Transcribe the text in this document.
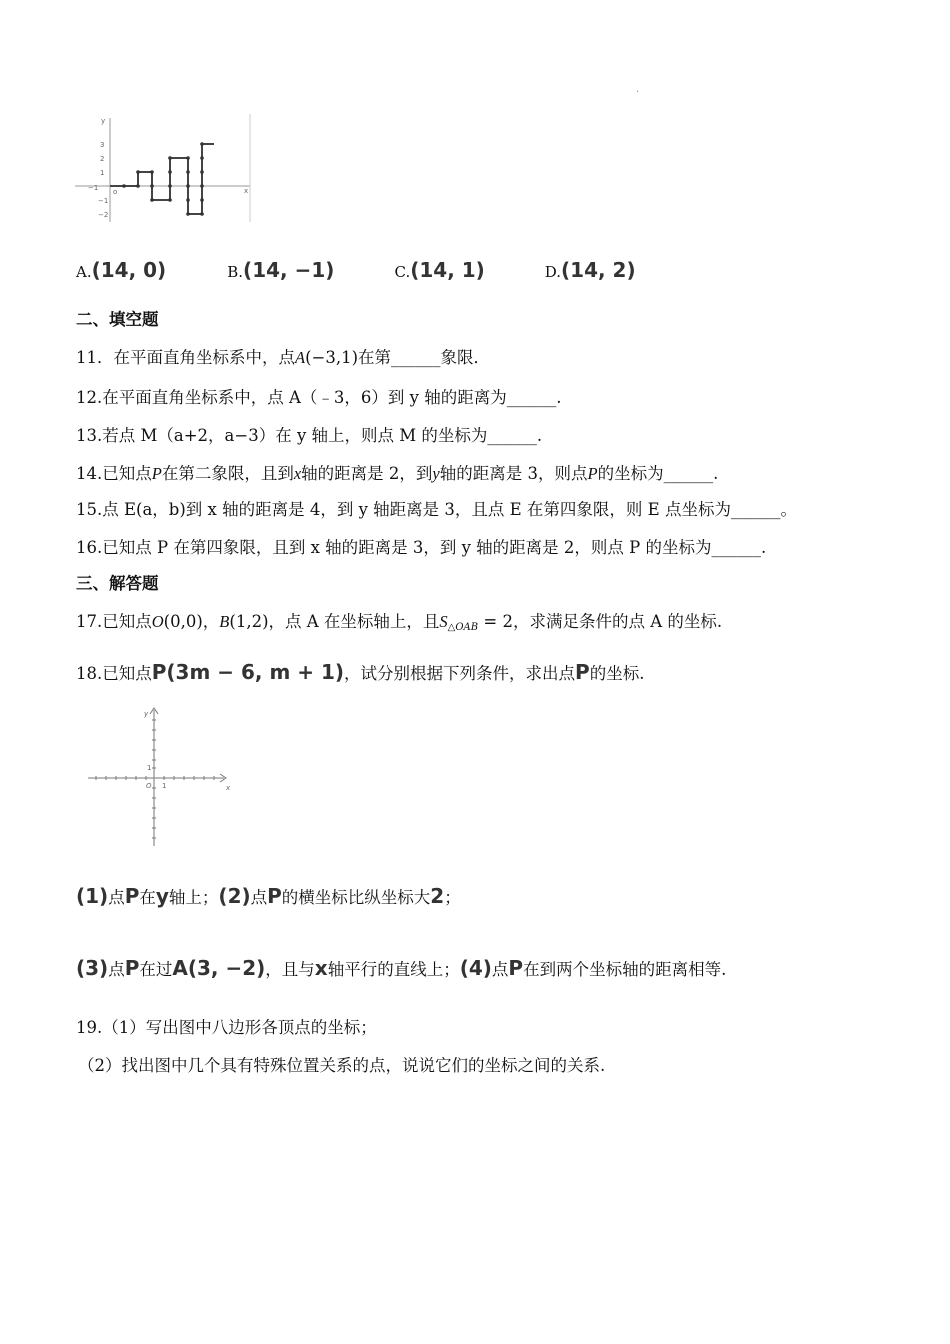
.
y
x
o
−1
3
2
1
−1
−2
A.(14, 0)	B.(14, −1)	C.(14, 1)	D.(14, 2)
二、填空题
11．在平面直角坐标系中，点A(−3,1)在第______象限．
12.在平面直角坐标系中，点 A（﹣3，6）到 y 轴的距离为______.
13.若点 M（a+2，a−3）在 y 轴上，则点 M 的坐标为______.
14.已知点P在第二象限，且到x轴的距离是 2，到y轴的距离是 3，则点P的坐标为______.
15.点 E(a，b)到 x 轴的距离是 4，到 y 轴距离是 3，且点 E 在第四象限，则 E 点坐标为______。
16.已知点 P 在第四象限，且到 x 轴的距离是 3，到 y 轴的距离是 2，则点 P 的坐标为______.
三、解答题
17.已知点O(0,0)，B(1,2)，点 A 在坐标轴上，且$S_{\triangle OAB} = 2$，求满足条件的点 A 的坐标.
18.已知点P(3m − 6, m + 1)，试分别根据下列条件，求出点P的坐标.
y
x
O 1
1
(1)点P在y轴上；(2)点P的横坐标比纵坐标大2；
(3)点P在过A(3, −2)，且与x轴平行的直线上；(4)点P在到两个坐标轴的距离相等.
19.（1）写出图中八边形各顶点的坐标；
（2）找出图中几个具有特殊位置关系的点，说说它们的坐标之间的关系.
